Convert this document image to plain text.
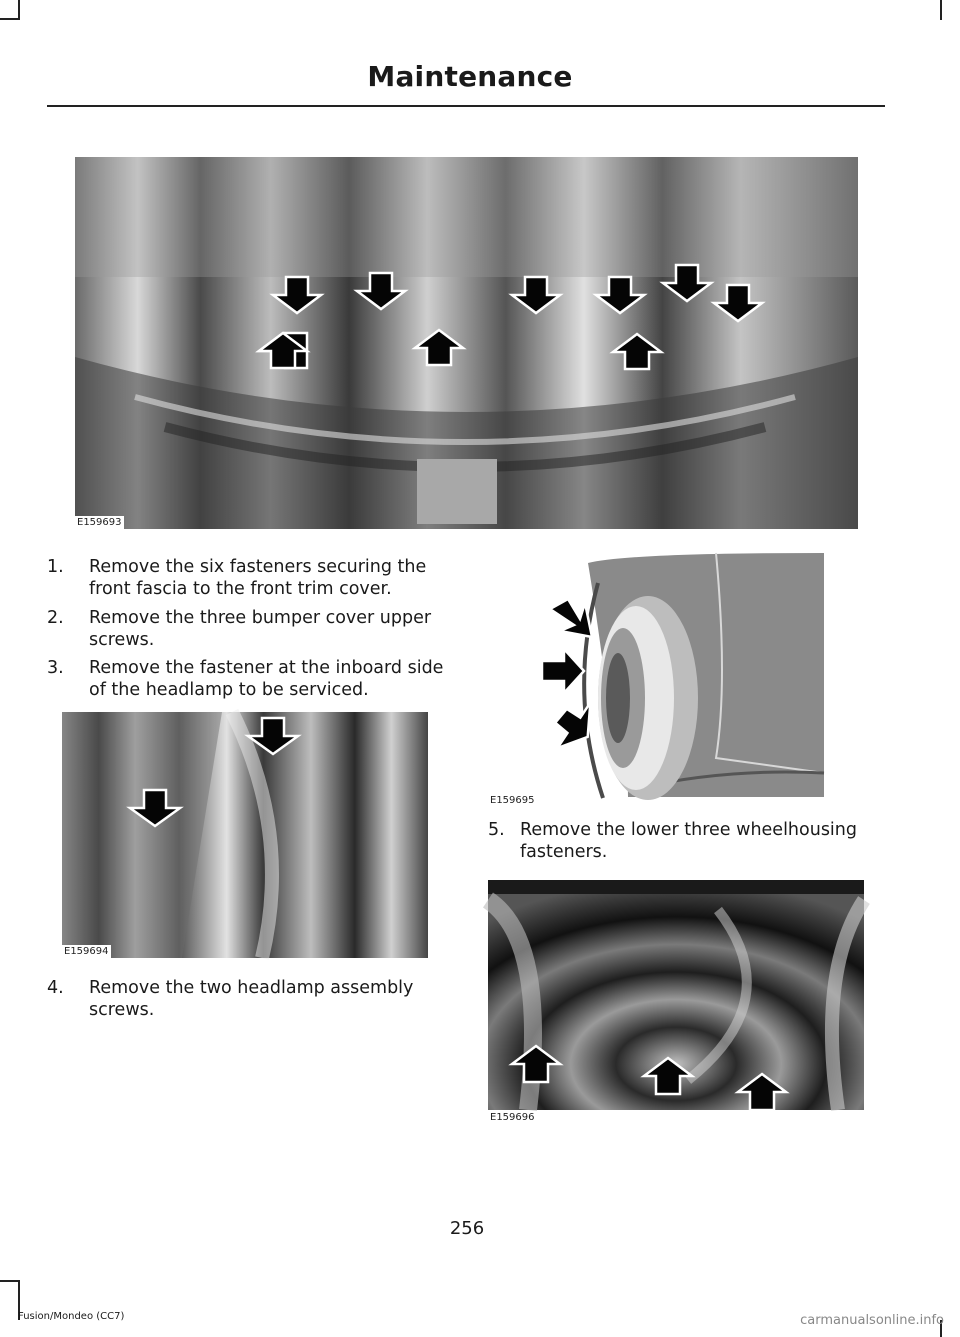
Maintenance
E159693
1. Remove the six fasteners securing the front fascia to the front trim cover.
2. Remove the three bumper cover upper screws.
3. Remove the fastener at the inboard side of the headlamp to be serviced.
E159694
4. Remove the two headlamp assembly screws.
E159695
5. Remove the lower three wheelhousing fasteners.
E159696
256
Fusion/Mondeo (CC7)	carmanualsonline.info
